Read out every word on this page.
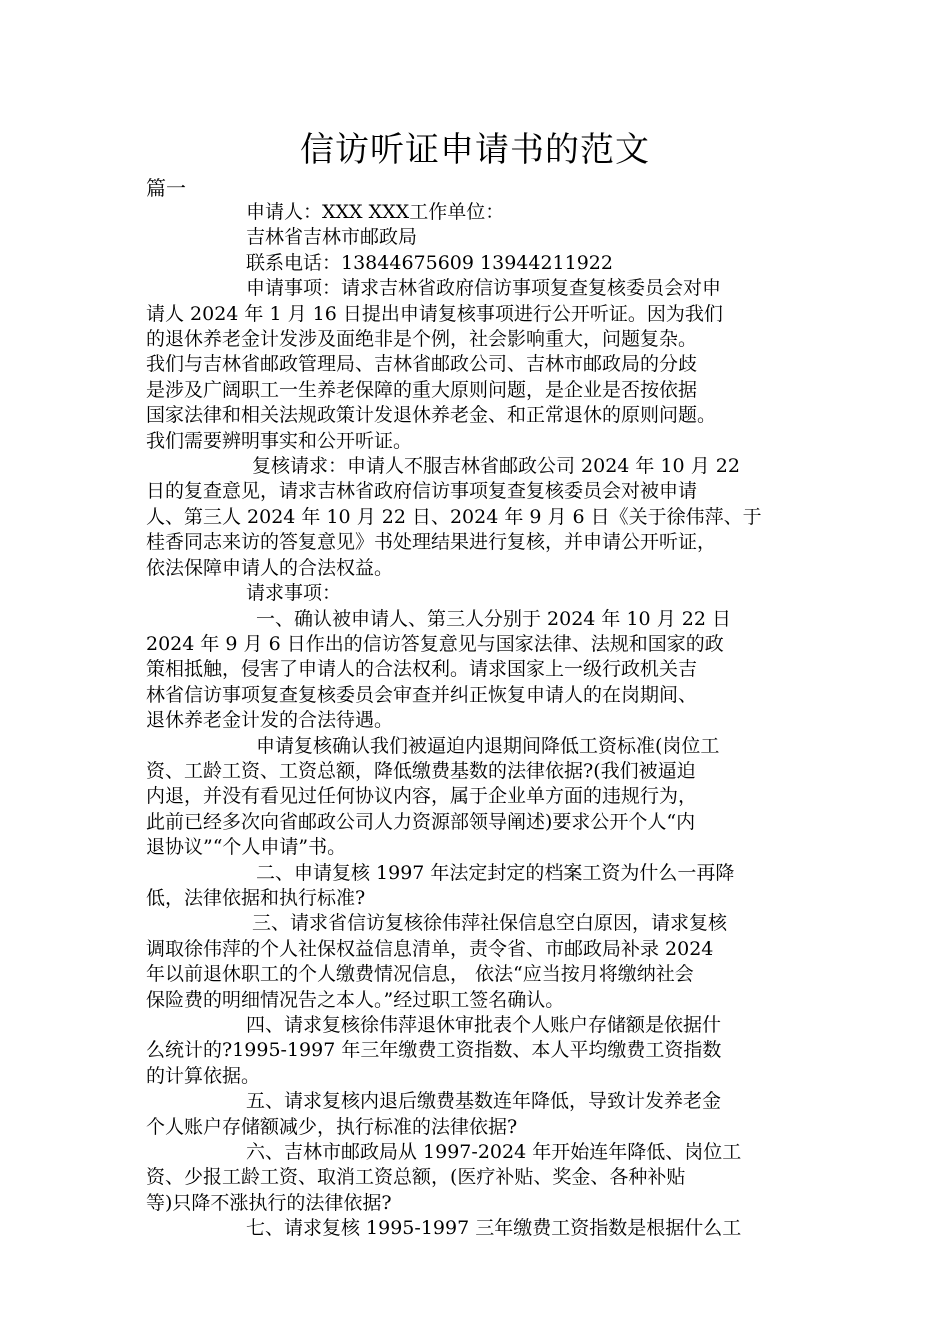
信访听证申请书的范文
篇一

申请人：XXX XXX工作单位：

吉林省吉林市邮政局

联系电话：13844675609 13944211922

申请事项：请求吉林省政府信访事项复查复核委员会对申

请人 2024 年 1 月 16 日提出申请复核事项进行公开听证。因为我们

的退休养老金计发涉及面绝非是个例，社会影响重大，问题复杂。

我们与吉林省邮政管理局、吉林省邮政公司、吉林市邮政局的分歧

是涉及广阔职工一生养老保障的重大原则问题，是企业是否按依据

国家法律和相关法规政策计发退休养老金、和正常退休的原则问题。

我们需要辨明事实和公开听证。

复核请求：申请人不服吉林省邮政公司 2024 年 10 月 22

日的复查意见，请求吉林省政府信访事项复查复核委员会对被申请

人、第三人 2024 年 10 月 22 日、2024 年 9 月 6 日《关于徐伟萍、于

桂香同志来访的答复意见》书处理结果进行复核，并申请公开听证，

依法保障申请人的合法权益。

请求事项：

一、确认被申请人、第三人分别于 2024 年 10 月 22 日

2024 年 9 月 6 日作出的信访答复意见与国家法律、法规和国家的政

策相抵触，侵害了申请人的合法权利。请求国家上一级行政机关吉

林省信访事项复查复核委员会审查并纠正恢复申请人的在岗期间、

退休养老金计发的合法待遇。

申请复核确认我们被逼迫内退期间降低工资标准(岗位工

资、工龄工资、工资总额，降低缴费基数的法律依据?(我们被逼迫

内退，并没有看见过任何协议内容，属于企业单方面的违规行为，

此前已经多次向省邮政公司人力资源部领导阐述)要求公开个人“内

退协议”“个人申请”书。

二、申请复核 1997 年法定封定的档案工资为什么一再降

低，法律依据和执行标准?

三、请求省信访复核徐伟萍社保信息空白原因，请求复核

调取徐伟萍的个人社保权益信息清单，责令省、市邮政局补录 2024

年以前退休职工的个人缴费情况信息， 依法“应当按月将缴纳社会

保险费的明细情况告之本人。”经过职工签名确认。

四、请求复核徐伟萍退休审批表个人账户存储额是依据什

么统计的?1995-1997 年三年缴费工资指数、本人平均缴费工资指数

的计算依据。

五、请求复核内退后缴费基数连年降低，导致计发养老金

个人账户存储额减少，执行标准的法律依据?

六、吉林市邮政局从 1997-2024 年开始连年降低、岗位工

资、少报工龄工资、取消工资总额，(医疗补贴、奖金、各种补贴

等)只降不涨执行的法律依据?

七、请求复核 1995-1997 三年缴费工资指数是根据什么工
